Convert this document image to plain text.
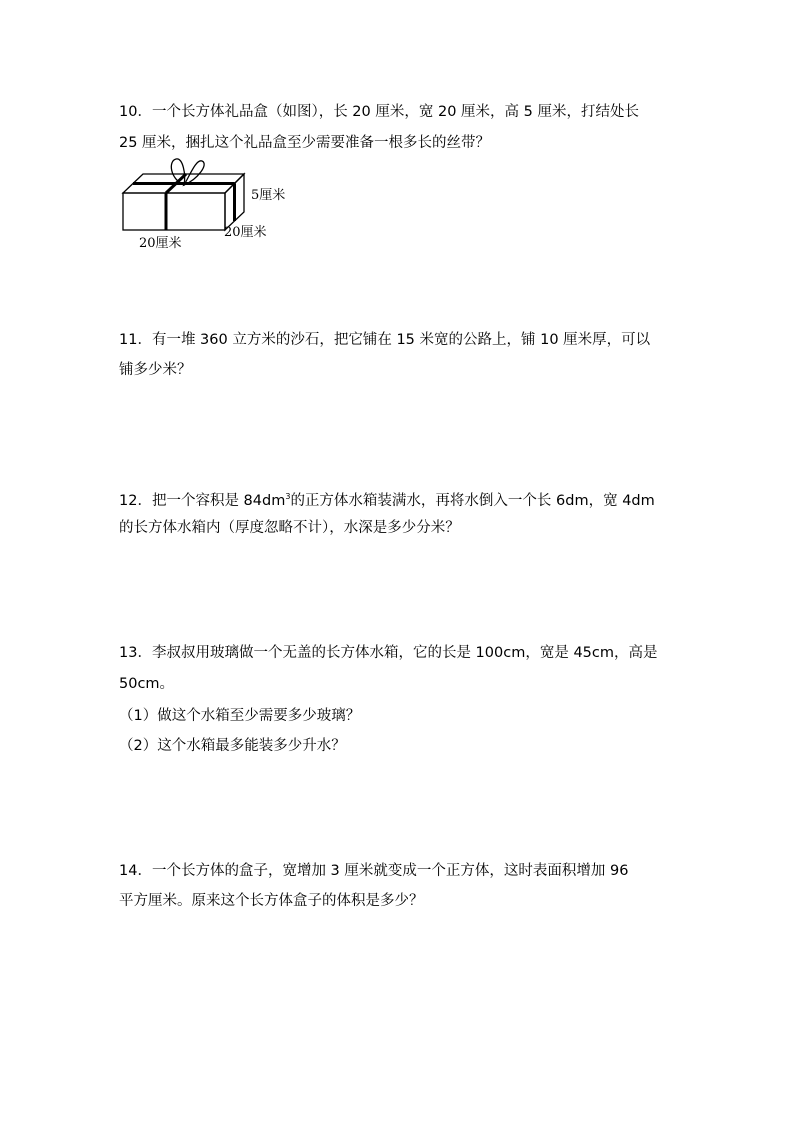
10．一个长方体礼品盒（如图），长 20 厘米，宽 20 厘米，高 5 厘米，打结处长
25 厘米，捆扎这个礼品盒至少需要准备一根多长的丝带？
5厘米
20厘米
20厘米
11．有一堆 360 立方米的沙石，把它铺在 15 米宽的公路上，铺 10 厘米厚，可以
铺多少米？
12．把一个容积是 $84dm^3$的正方体水箱装满水，再将水倒入一个长 6dm，宽 4dm
的长方体水箱内（厚度忽略不计），水深是多少分米？
13．李叔叔用玻璃做一个无盖的长方体水箱，它的长是 100cm，宽是 45cm，高是
50cm。
（1）做这个水箱至少需要多少玻璃？
（2）这个水箱最多能装多少升水？
14．一个长方体的盒子，宽增加 3 厘米就变成一个正方体，这时表面积增加 96
平方厘米。原来这个长方体盒子的体积是多少？
